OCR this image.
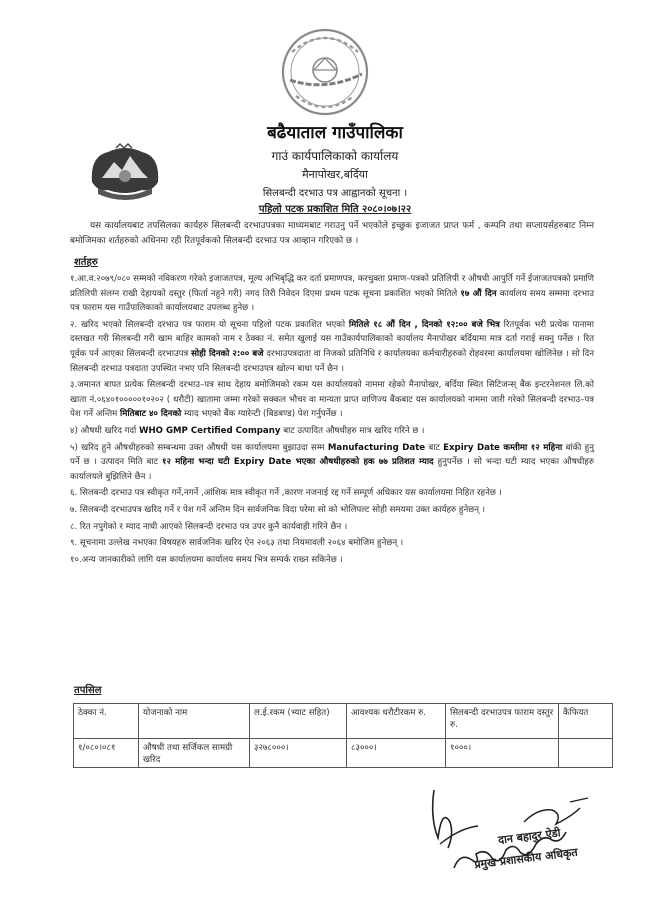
बढैयाताल गाउँपालिका
गाउं कार्यपालिकाको कार्यालय
मैनापोखर,बर्दिया
सिलबन्दी दरभाउ पत्र आह्वानको सूचना ।
पहिलो पटक प्रकाशित मिति २०८०।०७।२२
यस कार्यालयबाट तपसिलका कार्यहरु सिलबन्दी दरभाउपत्रका माध्यमबाट गराउनु पर्ने भएकोले इच्छुक इजाजत प्राप्त फर्म , कम्पनि तथा सप्लायर्सहरुबाट निम्न बमोजिमका शर्तहरुको अधिनमा रही रितपूर्वकको सिलबन्दी दरभाउ पत्र आव्हान गरिएको छ ।
शर्तहरु

१.आ.व.२०७९/०८० सम्मको नविकरण गरेको इजाजतपत्र, मूल्य अभिबृद्धि कर दर्ता प्रमाणपत्र, करचुक्ता प्रमाण–पत्रको प्रतिलिपी र औषधी आपुर्ति गर्ने ईजाजतपत्रको प्रमाणि प्रतिलिपी संलग्न राखी देहायको दस्तुर (फिर्ता नहुने गरी) नगद तिरी निवेदन दिएमा प्रथम पटक सूचना प्रकाशित भएको मितिले १७ औं दिन कार्यालय समय सम्ममा दरभाउ पत्र फाराम यस गाउँपालिकाको कार्यालयबाट उपलब्ध हुनेछ ।

२. खरिद भएको सिलबन्दी दरभाउ पत्र फाराम यो सूचना पहिलो पटक प्रकाशित भएको मितिले १८ औं दिन , दिनको १२:०० बजे भित्र रितपूर्वक भरी प्रत्येक पानामा दस्तखत गरी सिलबन्दी गरी खाम बाहिर कामको नाम र ठेक्का नं. समेत खुलाई यस गाउँकार्यपालिकाको कार्यालय मैनापोखर बर्दियामा मात्र दर्ता गराई सक्नु पर्नेछ । रित पूर्वक पर्न आएका सिलबन्दी दरभाउपत्र सोही दिनको २:०० बजे दरभाउपत्रदाता वा निजको प्रतिनिधि र कार्यालयका कर्मचारीहरुको रोहवरमा कार्यालयमा खोलिनेछ । सो दिन सिलबन्दी दरभाउ पत्रदाता उपस्थित नभए पनि सिलबन्दी दरभाउपत्र खोल्न बाधा पर्ने छैन ।

३.जमानत बापत प्रत्येक सिलबन्दी दरभाउ–पत्र साथ देहाय बमोजिमको रकम यस कार्यालयको नाममा रहेको मैनापोखर, बर्दिया स्थित सिटिजन्स् बैंक इन्टरनेशनल लि.को खाता नं.०६४०१०००००१०२०२ ( धरौटी) खातामा जम्मा गरेको सक्कल भौचर वा मान्यता प्राप्त वाणिज्य बैंकबाट यस कार्यालयको नाममा जारी गरेको सिलबन्दी दरभाउ–पत्र पेश गर्ने अन्तिम मितिबाट ४० दिनको म्याद भएको बैंक ग्यारेन्टी (बिडबण्ड) पेश गर्नुपर्नेछ ।

४) औषधी खरिद गर्दा WHO GMP Certified Company बाट उत्पादित औषधीहरु मात्र खरिद गरिने छ ।

५) खरिद हुने औषधीहरुको सम्बन्धमा उक्त औषधी यस कार्यालयमा बुझाउदा सम्म Manufacturing Date बाट Expiry Date कम्तीमा १२ महिना बांकी हुनु पर्ने छ । उत्पादन मिति बाट १२ महिना भन्दा घटी Expiry Date भएका औषधीहरुको हक ७७ प्रतिशत म्याद हुनुपर्नेछ । सो भन्दा घटी म्याद भएका औषधीहरु कार्यालयले बुझिलिने छैन ।

६. सिलबन्दी दरभाउ पत्र स्वीकृत गर्ने,नगर्ने ,आंशिक मात्र स्वीकृत गर्ने ,कारण नजनाई रद्द गर्ने सम्पूर्ण अधिकार यस कार्यालयमा निहित रहनेछ ।

७. सिलबन्दी दरभाउपत्र खरिद गर्ने र पेश गर्ने अन्तिम दिन सार्वजनिक विदा परेमा सो को भोलिपल्ट सोही समयमा उक्त कार्यहरु हुनेछन् ।

८. रित नपुगेको र म्याद नाघी आएको सिलबन्दी दरभाउ पत्र उपर कुनै कार्यवाही गरिने छैन ।

९. सूचनामा उल्लेख नभएका विषयहरु सार्वजनिक खरिद ऐन २०६३ तथा नियमावली २०६४ बमोजिम हुनेछन् ।

१०.अन्य जानकारीको लागि यस कार्यालयमा कार्यालय समय भित्र सम्पर्क राख्न सकिनेछ ।

तपसिल
ठेक्का नं.	योजनाको नाम	ल.ई.रकम (भ्याट सहित)	आवश्यक धरौटीरकम रु.	सिलबन्दी दरभाउपत्र फाराम दस्तुर रु.	कैफियत
१/०८०।०८१	औषधी तथा सर्जिकल सामग्री खरिद	३२७८०००।	८३०००।	१०००।	
दान बहादुर ऐडी
प्रमुख प्रशासकीय अधिकृत
